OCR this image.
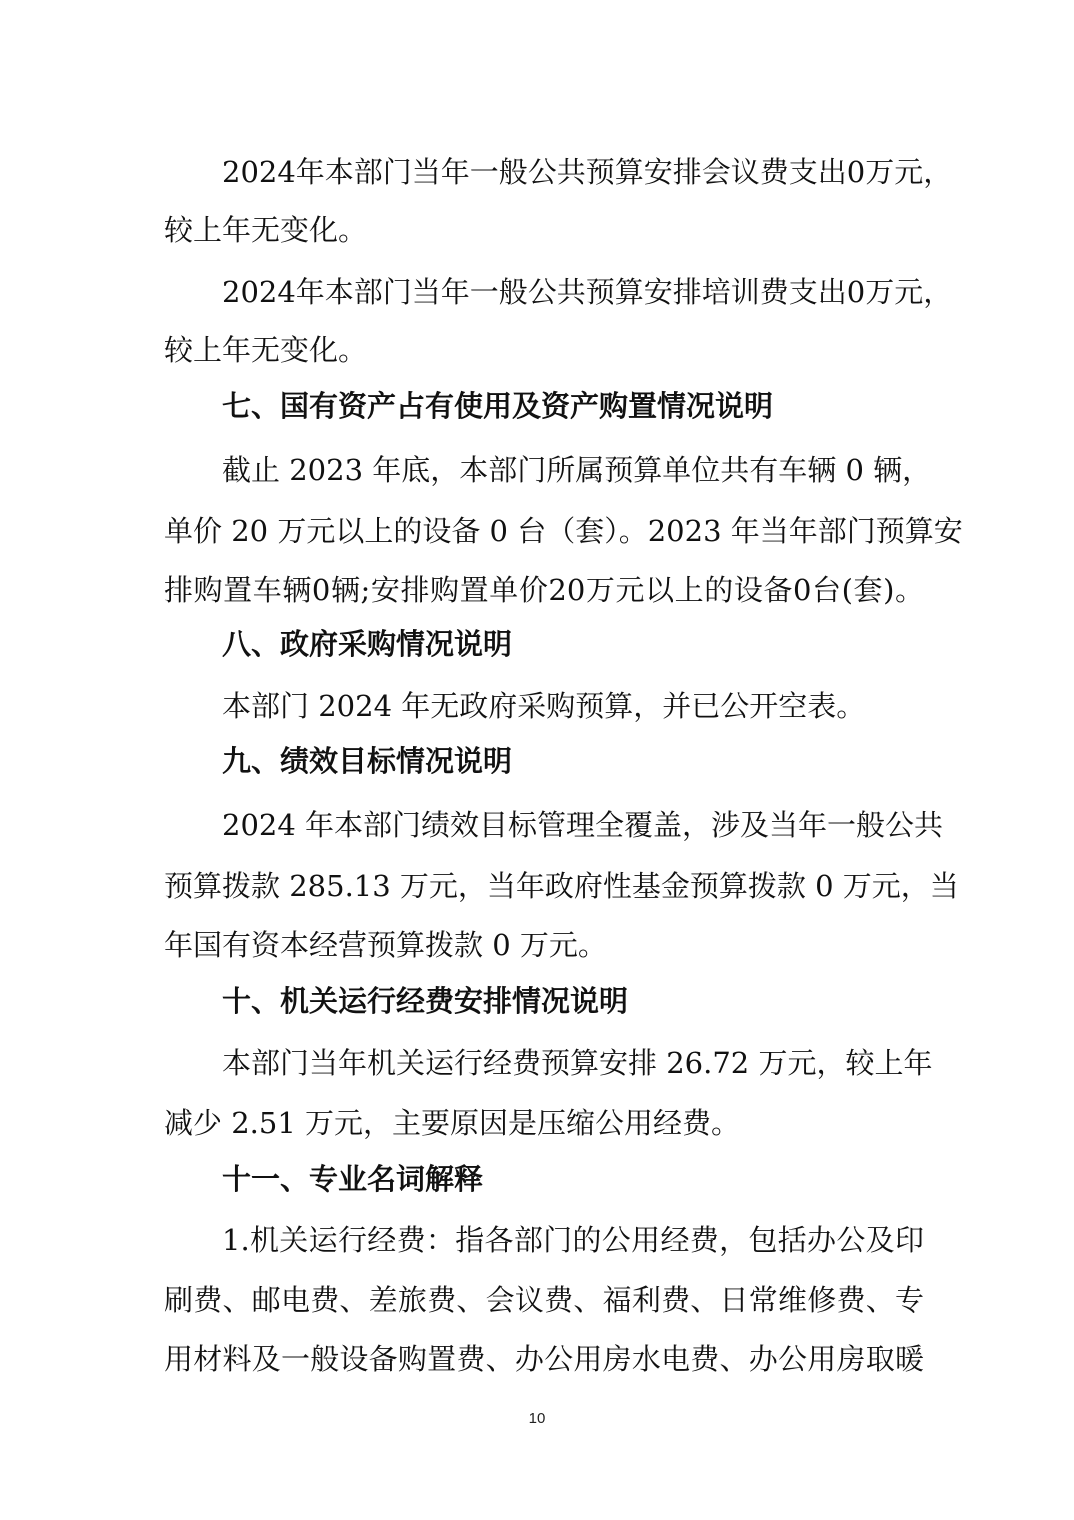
2024年本部门当年一般公共预算安排会议费支出0万元，
较上年无变化。
2024年本部门当年一般公共预算安排培训费支出0万元，
较上年无变化。
七、国有资产占有使用及资产购置情况说明
截止 2023 年底，本部门所属预算单位共有车辆 0 辆，
单价 20 万元以上的设备 0 台（套）。2023 年当年部门预算安
排购置车辆0辆;安排购置单价20万元以上的设备0台(套)。
八、政府采购情况说明
本部门 2024 年无政府采购预算，并已公开空表。
九、绩效目标情况说明
2024 年本部门绩效目标管理全覆盖，涉及当年一般公共
预算拨款 285.13 万元，当年政府性基金预算拨款 0 万元，当
年国有资本经营预算拨款 0 万元。
十、机关运行经费安排情况说明
本部门当年机关运行经费预算安排 26.72 万元，较上年
减少 2.51 万元，主要原因是压缩公用经费。
十一、专业名词解释
1.机关运行经费：指各部门的公用经费，包括办公及印
刷费、邮电费、差旅费、会议费、福利费、日常维修费、专
用材料及一般设备购置费、办公用房水电费、办公用房取暖
10
